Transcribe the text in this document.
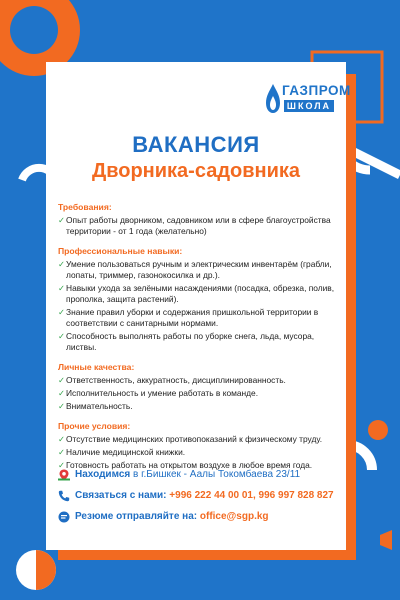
ГАЗПРОМ
ШКОЛА
ВАКАНСИЯ
Дворника-садовника
Требования:
✓ Опыт работы дворником, садовником или в сфере благоустройства территории - от 1 года (желательно)
Профессиональные навыки:
✓ Умение пользоваться ручным и электрическим инвентарём (грабли, лопаты, триммер, газонокосилка и др.).
✓ Навыки ухода за зелёными насаждениями (посадка, обрезка, полив, прополка, защита растений).
✓ Знание правил уборки и содержания пришкольной территории в соответствии с санитарными нормами.
✓ Способность выполнять работы по уборке снега, льда, мусора, листвы.
Личные качества:
✓ Ответственность, аккуратность, дисциплинированность.
✓ Исполнительность и умение работать в команде.
✓ Внимательность.
Прочие условия:
✓ Отсутствие медицинских противопоказаний к физическому труду.
✓ Наличие медицинской книжки.
✓ Готовность работать на открытом воздухе в любое время года.
Находимся
в г.Бишкек - Аалы Токомбаева 23/11
Связаться с нами:
+996 222 44 00 01, 996 997 828 827
Резюме отправляйте на:
office@sgp.kg
